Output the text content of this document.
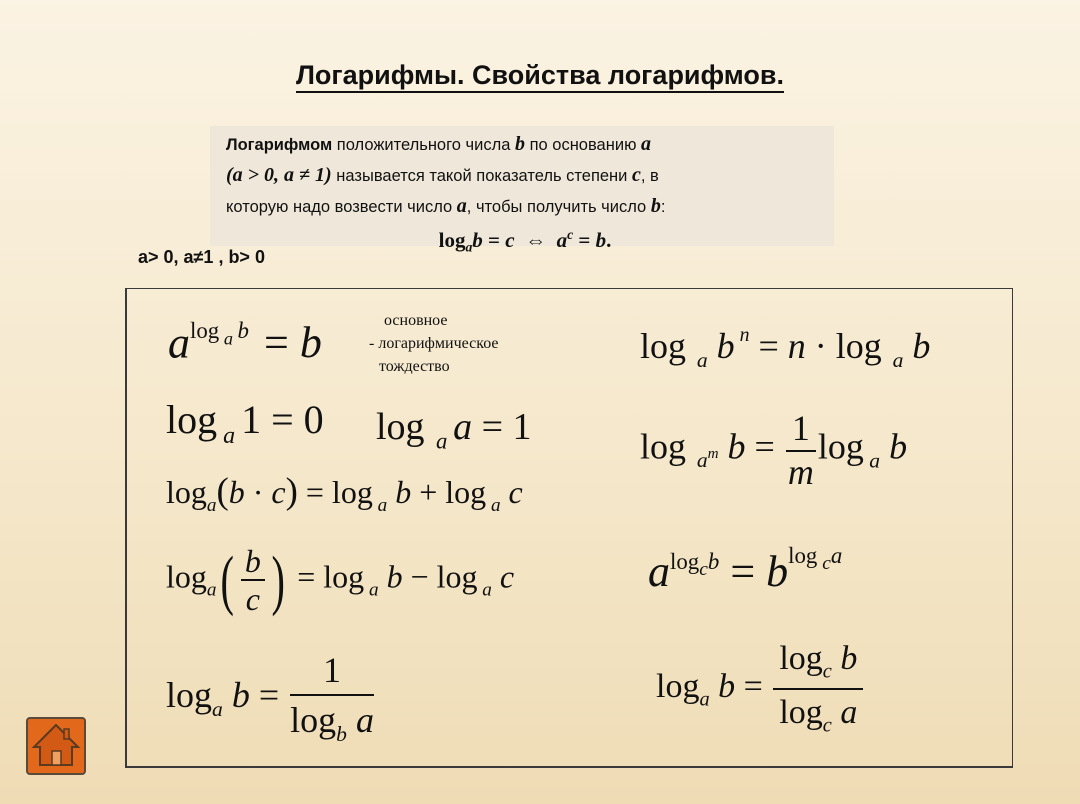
Логарифмы. Свойства логарифмов.
Логарифмом положительного числа b по основанию a
(a > 0, a ≠ 1) называется такой показатель степени c, в
которую надо возвести число a, чтобы получить число b:
logab = c  ⇔  $a^c = b$.
a> 0, a≠1 , b> 0
$a^{log _a b} = b$	основное
- логарифмическое
тождество
log $_a$ 1 = 0 log $_a$ a = 1
$\log_a(b \cdot c) = \log _a$ b + log $_a$ c
$\log_a( \frac{b}{c}$ ) = log $_a$ b − log $_a$ c
$\log_a b = \frac{1}{\log_b a}$
log $_a$ b $^n$ = n · log $_a$ b
log $_{a^m}$ $b = \frac{1}{m}$ log $_a$ b
$a^{log_cb} = b^{log _ca}$
$\log_a b = \frac{\log_c b}{\log_c a}$
